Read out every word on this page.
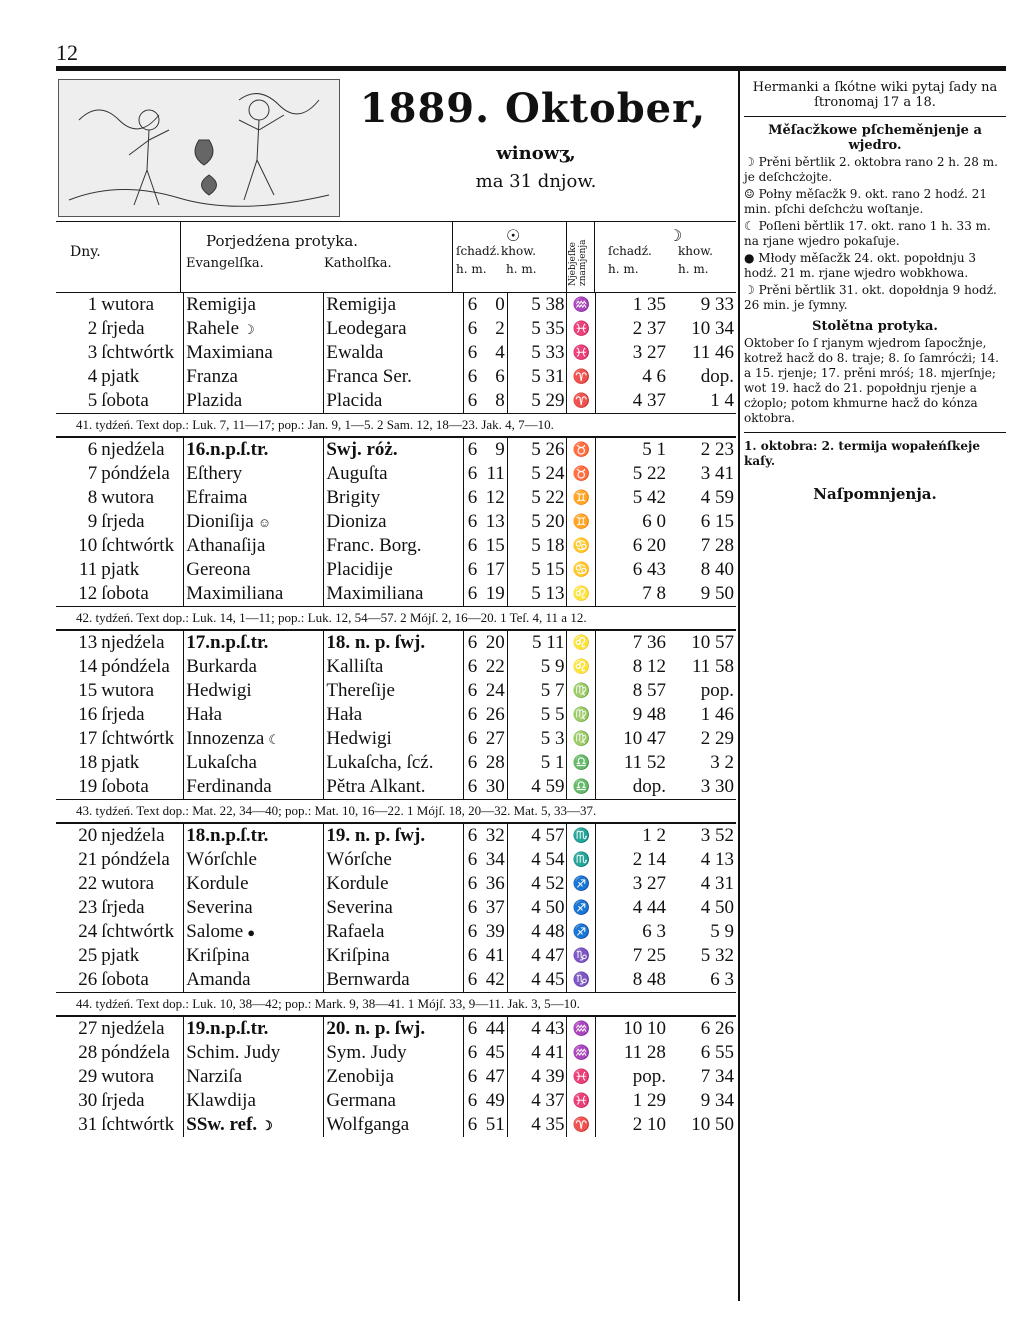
12
1889. Oktober,
winowʒ,
ma 31 dnjow.
Dny.
Porjedźena protyka.
Evangelſka.	Katholſka.
☉
ſchadź. khow.
h. m. h. m.	Njebjeſke znamjenja
☽
ſchadź. khow.
h. m.	h. m.
1	wutora	Remigija	Remigija	6	0	5 38	♒	1 35	9 33
2	ſrjeda	Rahele ☽	Leodegara	6	2	5 35	♓	2 37	10 34
3	ſchtwórtk	Maximiana	Ewalda	6	4	5 33	♓	3 27	11 46
4	pjatk	Franza	Franca Ser.	6	6	5 31	♈	4 6	dop.
5	ſobota	Plazida	Placida	6	8	5 29	♈	4 37	1 4
41. tydźeń. Text dop.: Luk. 7, 11—17; pop.: Jan. 9, 1—5. 2 Sam. 12, 18—23. Jak. 4, 7—10.									
6	njedźela	16.n.p.ſ.tr.	Swj. róż.	6	9	5 26	♉	5 1	2 23
7	póndźela	Eſthery	Auguſta	6	11	5 24	♉	5 22	3 41
8	wutora	Efraima	Brigity	6	12	5 22	♊	5 42	4 59
9	ſrjeda	Dioniſija ☺	Dioniza	6	13	5 20	♊	6 0	6 15
10	ſchtwórtk	Athanaſija	Franc. Borg.	6	15	5 18	♋	6 20	7 28
11	pjatk	Gereona	Placidije	6	17	5 15	♋	6 43	8 40
12	ſobota	Maximiliana	Maximiliana	6	19	5 13	♌	7 8	9 50
42. tydźeń. Text dop.: Luk. 14, 1—11; pop.: Luk. 12, 54—57. 2 Mójſ. 2, 16—20. 1 Teſ. 4, 11 a 12.									
13	njedźela	17.n.p.ſ.tr.	18. n. p. ſwj.	6	20	5 11	♌	7 36	10 57
14	póndźela	Burkarda	Kalliſta	6	22	5 9	♌	8 12	11 58
15	wutora	Hedwigi	Thereſije	6	24	5 7	♍	8 57	pop.
16	ſrjeda	Hała	Hała	6	26	5 5	♍	9 48	1 46
17	ſchtwórtk	Innozenza ☾	Hedwigi	6	27	5 3	♍	10 47	2 29
18	pjatk	Lukaſcha	Lukaſcha, ſcź.	6	28	5 1	♎	11 52	3 2
19	ſobota	Ferdinanda	Pětra Alkant.	6	30	4 59	♎	dop.	3 30
43. tydźeń. Text dop.: Mat. 22, 34—40; pop.: Mat. 10, 16—22. 1 Mójſ. 18, 20—32. Mat. 5, 33—37.									
20	njedźela	18.n.p.ſ.tr.	19. n. p. ſwj.	6	32	4 57	♏	1 2	3 52
21	póndźela	Wórſchle	Wórſche	6	34	4 54	♏	2 14	4 13
22	wutora	Kordule	Kordule	6	36	4 52	♐	3 27	4 31
23	ſrjeda	Severina	Severina	6	37	4 50	♐	4 44	4 50
24	ſchtwórtk	Salome ●	Rafaela	6	39	4 48	♐	6 3	5 9
25	pjatk	Kriſpina	Kriſpina	6	41	4 47	♑	7 25	5 32
26	ſobota	Amanda	Bernwarda	6	42	4 45	♑	8 48	6 3
44. tydźeń. Text dop.: Luk. 10, 38—42; pop.: Mark. 9, 38—41. 1 Mójſ. 33, 9—11. Jak. 3, 5—10.									
27	njedźela	19.n.p.ſ.tr.	20. n. p. ſwj.	6	44	4 43	♒	10 10	6 26
28	póndźela	Schim. Judy	Sym. Judy	6	45	4 41	♒	11 28	6 55
29	wutora	Narziſa	Zenobija	6	47	4 39	♓	pop.	7 34
30	ſrjeda	Klawdija	Germana	6	49	4 37	♓	1 29	9 34
31	ſchtwórtk	SSw. ref. ☽	Wolfganga	6	51	4 35	♈	2 10	10 50
Hermanki a ſkótne wiki pytaj ſady na ſtronomaj 17 a 18.
Měſacžkowe pſcheměnjenje a wjedro.

☽ Prěni běrtlik 2. oktobra rano 2 h. 28 m. je deſchcżojte.

☺ Połny měſacžk 9. okt. rano 2 hodź. 21 min. pſchi deſchcżu woſtanje.

☾ Poſleni běrtlik 17. okt. rano 1 h. 33 m. na rjane wjedro pokaſuje.

● Młody měſacžk 24. okt. popołdnju 3 hodź. 21 m. rjane wjedro wobkhowa.

☽ Prěni běrtlik 31. okt. dopołdnja 9 hodź. 26 min. je ſymny.

Stolětna protyka.

Oktober ſo ſ rjanym wjedrom ſapocžnje, kotrež hacž do 8. traje; 8. ſo ſamrócżi; 14. a 15. rjenje; 17. prěni mróś; 18. mjerſnje; wot 19. hacž do 21. popołdnju rjenje a cżoplo; potom khmurne hacž do kónza oktobra.

1. oktobra: 2. termija wopałeńſkeje kaſy.

Naſpomnjenja.
